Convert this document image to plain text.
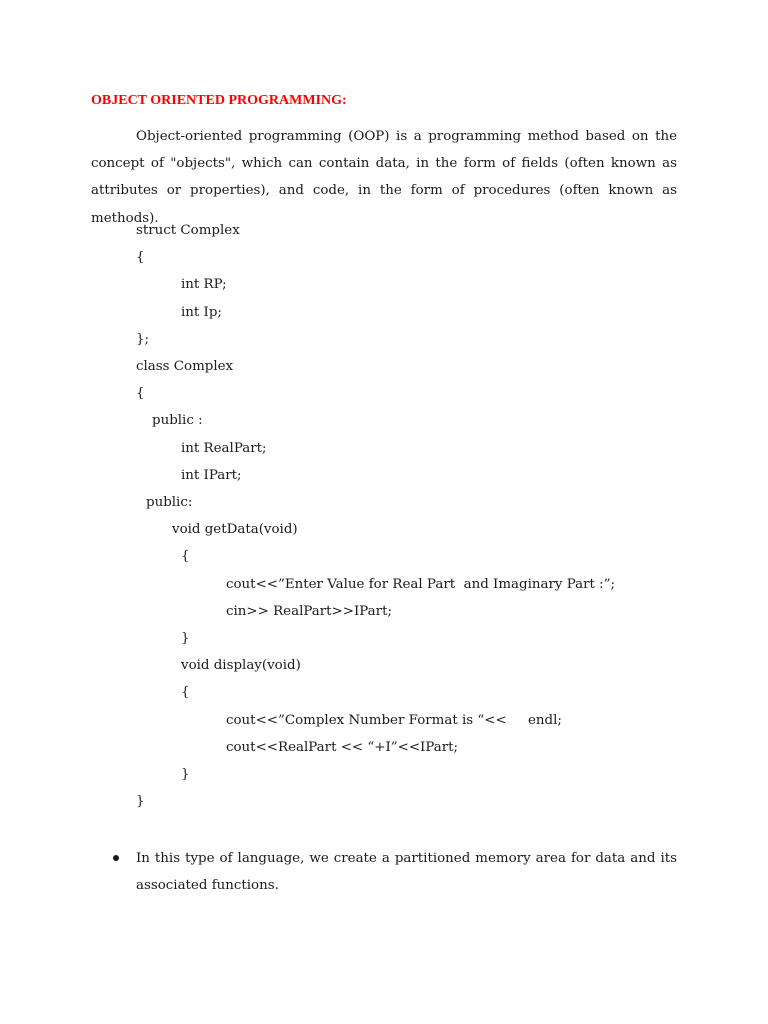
OBJECT ORIENTED PROGRAMMING:

Object-oriented programming (OOP) is a programming method based on the concept of "objects", which can contain data, in the form of fields (often known as attributes or properties), and code, in the form of procedures (often known as methods).

struct Complex
{
int RP;
int Ip;
};
class Complex
{
public :
int RealPart;
int IPart;
public:
void getData(void)
{
cout<<”Enter Value for Real Part  and Imaginary Part :”;
cin>> RealPart>>IPart;
}
void display(void)
{
cout<<”Complex Number Format is “<<     endl;
cout<<RealPart << “+I”<<IPart;
}
}

In this type of language, we create a partitioned memory area for data and its associated functions.
